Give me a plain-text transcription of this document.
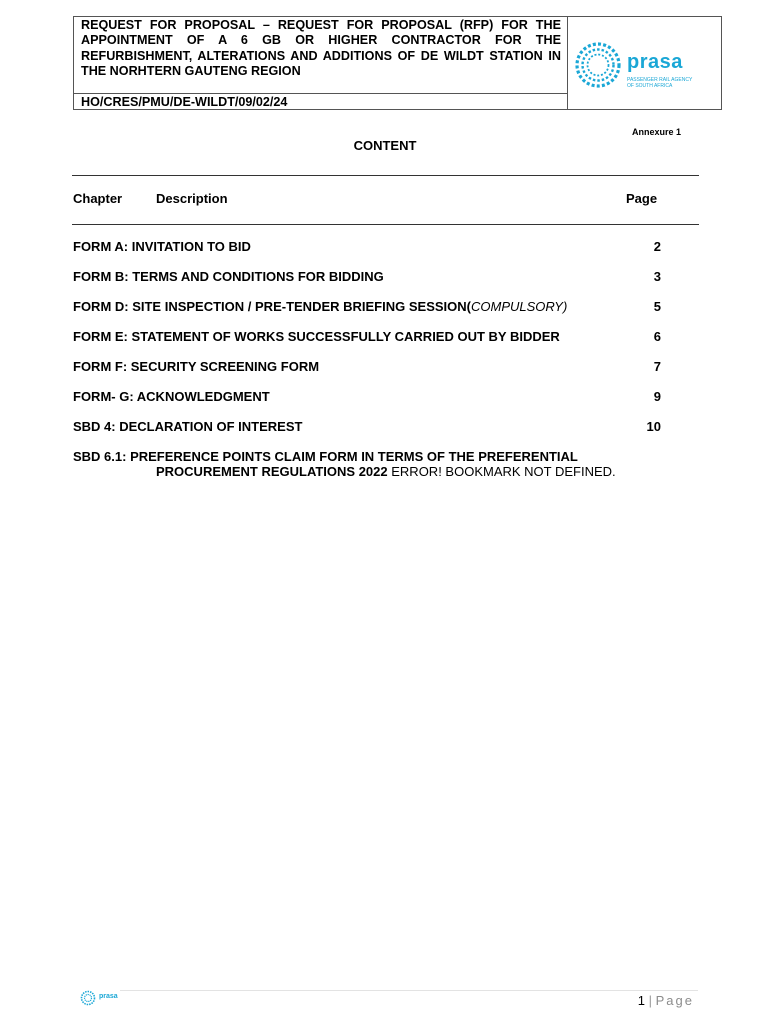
REQUEST FOR PROPOSAL – REQUEST FOR PROPOSAL (RFP) FOR THE APPOINTMENT OF A 6 GB OR HIGHER CONTRACTOR FOR THE REFURBISHMENT, ALTERATIONS AND ADDITIONS OF DE WILDT STATION IN THE NORHTERN GAUTENG REGION
HO/CRES/PMU/DE-WILDT/09/02/24
prasa
PASSENGER RAIL AGENCY OF SOUTH AFRICA
Annexure 1
CONTENT
Chapter	Description	Page
FORM A: INVITATION TO BID	2
FORM B: TERMS AND CONDITIONS FOR BIDDING	3
FORM D: SITE INSPECTION / PRE-TENDER BRIEFING SESSION(COMPULSORY)	5
FORM E: STATEMENT OF WORKS SUCCESSFULLY CARRIED OUT BY BIDDER	6
FORM F: SECURITY SCREENING FORM	7
FORM- G: ACKNOWLEDGMENT	9
SBD 4: DECLARATION OF INTEREST	10
SBD 6.1: PREFERENCE POINTS CLAIM FORM IN TERMS OF THE PREFERENTIAL
PROCUREMENT REGULATIONS 2022 ERROR! BOOKMARK NOT DEFINED.
prasa	1 | Page
